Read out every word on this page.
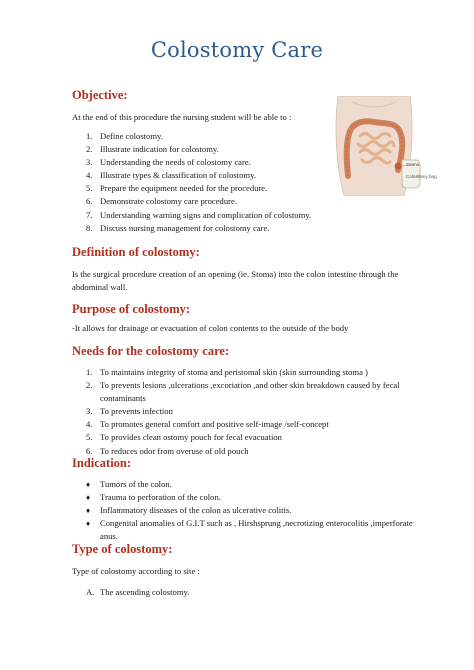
Colostomy Care
Objective:
At the end of this procedure the nursing student will be able to :
1. Define colostomy.
2. Illustrate indication for colostomy.
3. Understanding the needs of colostomy care.
4. Illustrate types & classification of colostomy.
5. Prepare the equipment needed for the procedure.
6. Demonstrate colostomy care procedure.
7. Understanding warning signs and complication of colostomy.
8. Discuss nursing management for colostomy care.
Stoma
Colostomy bag
Definition of colostomy:
Is the surgical procedure creation of an opening (ie. Stoma) into the colon intestine through the abdominal wall.
Purpose of colostomy:
-It allows for drainage or evacuation of colon contents to the outside of the body
Needs for the colostomy care:
1. To maintains integrity of stoma and peristomal skin (skin surrounding stoma )
2. To prevents lesions ,ulcerations ,excoriation ,and other skin breakdown caused by fecal contaminants
3. To prevents infection
4. To promotes general comfort and positive self-image /self-concept
5. To provides clean ostomy pouch for fecal evacuation
6. To reduces odor from overuse of old pouch
Indication:
♦ Tumors of the colon.
♦ Trauma to perforation of the colon.
♦ Inflammatory diseases of the colon as ulcerative colitis.
♦ Congenital anomalies of G.I.T such as , Hirshsprung ,necrotizing enterocolitis ,imperforate anus.
Type of colostomy:
Type of colostomy according to site :
A. The ascending colostomy.
